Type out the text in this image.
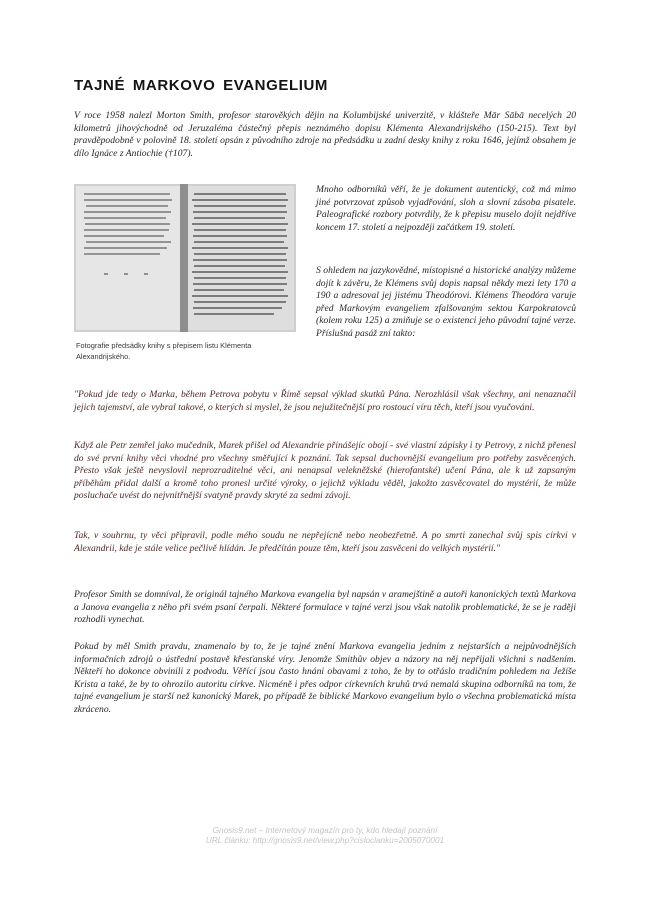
TAJNÉ MARKOVO EVANGELIUM

V roce 1958 nalezl Morton Smith, profesor starověkých dějin na Kolumbijské univerzitě, v klášteře Mār Sābā necelých 20 kilometrů jihovýchodně od Jeruzaléma částečný přepis neznámého dopisu Klémenta Alexandrijského (150-215). Text byl pravděpodobně v polovině 18. století opsán z původního zdroje na předsádku u zadní desky knihy z roku 1646, jejímž obsahem je dílo Ignáce z Antiochie (†107).

Fotografie předsádky knihy s přepisem listu Klémenta Alexandrijského.

Mnoho odborníků věří, že je dokument autentický, což má mimo jiné potvrzovat způsob vyjadřování, sloh a slovní zásoba pisatele. Paleografické rozbory potvrdily, že k přepisu muselo dojít nejdříve koncem 17. století a nejpozději začátkem 19. století.

S ohledem na jazykovědné, místopisné a historické analýzy můžeme dojít k závěru, že Klémens svůj dopis napsal někdy mezi lety 170 a 190 a adresoval jej jistému Theodórovi. Klémens Theodóra varuje před Markovým evangeliem zfalšovaným sektou Karpokratovců (kolem roku 125) a zmiňuje se o existenci jeho původní tajné verze. Příslušná pasáž zní takto:

"Pokud jde tedy o Marka, během Petrova pobytu v Římě sepsal výklad skutků Pána. Nerozhlásil však všechny, ani nenaznačil jejich tajemství, ale vybral takové, o kterých si myslel, že jsou nejužitečnější pro rostoucí víru těch, kteří jsou vyučováni.

Když ale Petr zemřel jako mučedník, Marek přišel od Alexandrie přinášejíc obojí - své vlastní zápisky i ty Petrovy, z nichž přenesl do své první knihy věci vhodné pro všechny směřující k poznání. Tak sepsal duchovnější evangelium pro potřeby zasvěcených. Přesto však ještě nevyslovil neprozraditelné věci, ani nenapsal velekněžské (hierofantské) učení Pána, ale k už zapsaným příběhům přidal další a kromě toho pronesl určité výroky, o jejichž výkladu věděl, jakožto zasvěcovatel do mystérií, že může posluchače uvést do nejvnitřnější svatyně pravdy skryté za sedmi závoji.

Tak, v souhrnu, ty věci připravil, podle mého soudu ne nepřejícně nebo neobezřetně. A po smrti zanechal svůj spis církvi v Alexandrii, kde je stále velice pečlivě hlídán. Je předčítán pouze těm, kteří jsou zasvěceni do velkých mystérií."

Profesor Smith se domníval, že originál tajného Markova evangelia byl napsán v aramejštině a autoři kanonických textů Markova a Janova evangelia z něho při svém psaní čerpali. Některé formulace v tajné verzi jsou však natolik problematické, že se je raději rozhodli vynechat.

Pokud by měl Smith pravdu, znamenalo by to, že je tajné znění Markova evangelia jedním z nejstarších a nejpůvodnějších informačních zdrojů o ústřední postavě křesťanské víry. Jenomže Smithův objev a názory na něj nepřijali všichni s nadšením. Někteří ho dokonce obvinili z podvodu. Věřící jsou často hnáni obavami z toho, že by to otřáslo tradičním pohledem na Ježíše Krista a také, že by to ohrozilo autoritu církve. Nicméně i přes odpor církevních kruhů trvá nemalá skupina odborníků na tom, že tajné evangelium je starší než kanonický Marek, po případě že biblické Markovo evangelium bylo o všechna problematická místa zkráceno.

Gnosis9.net – Internetový magazín pro ty, kdo hledají poznání
URL článku: http://gnosis9.net/view.php?cisloclanku=2005070001
